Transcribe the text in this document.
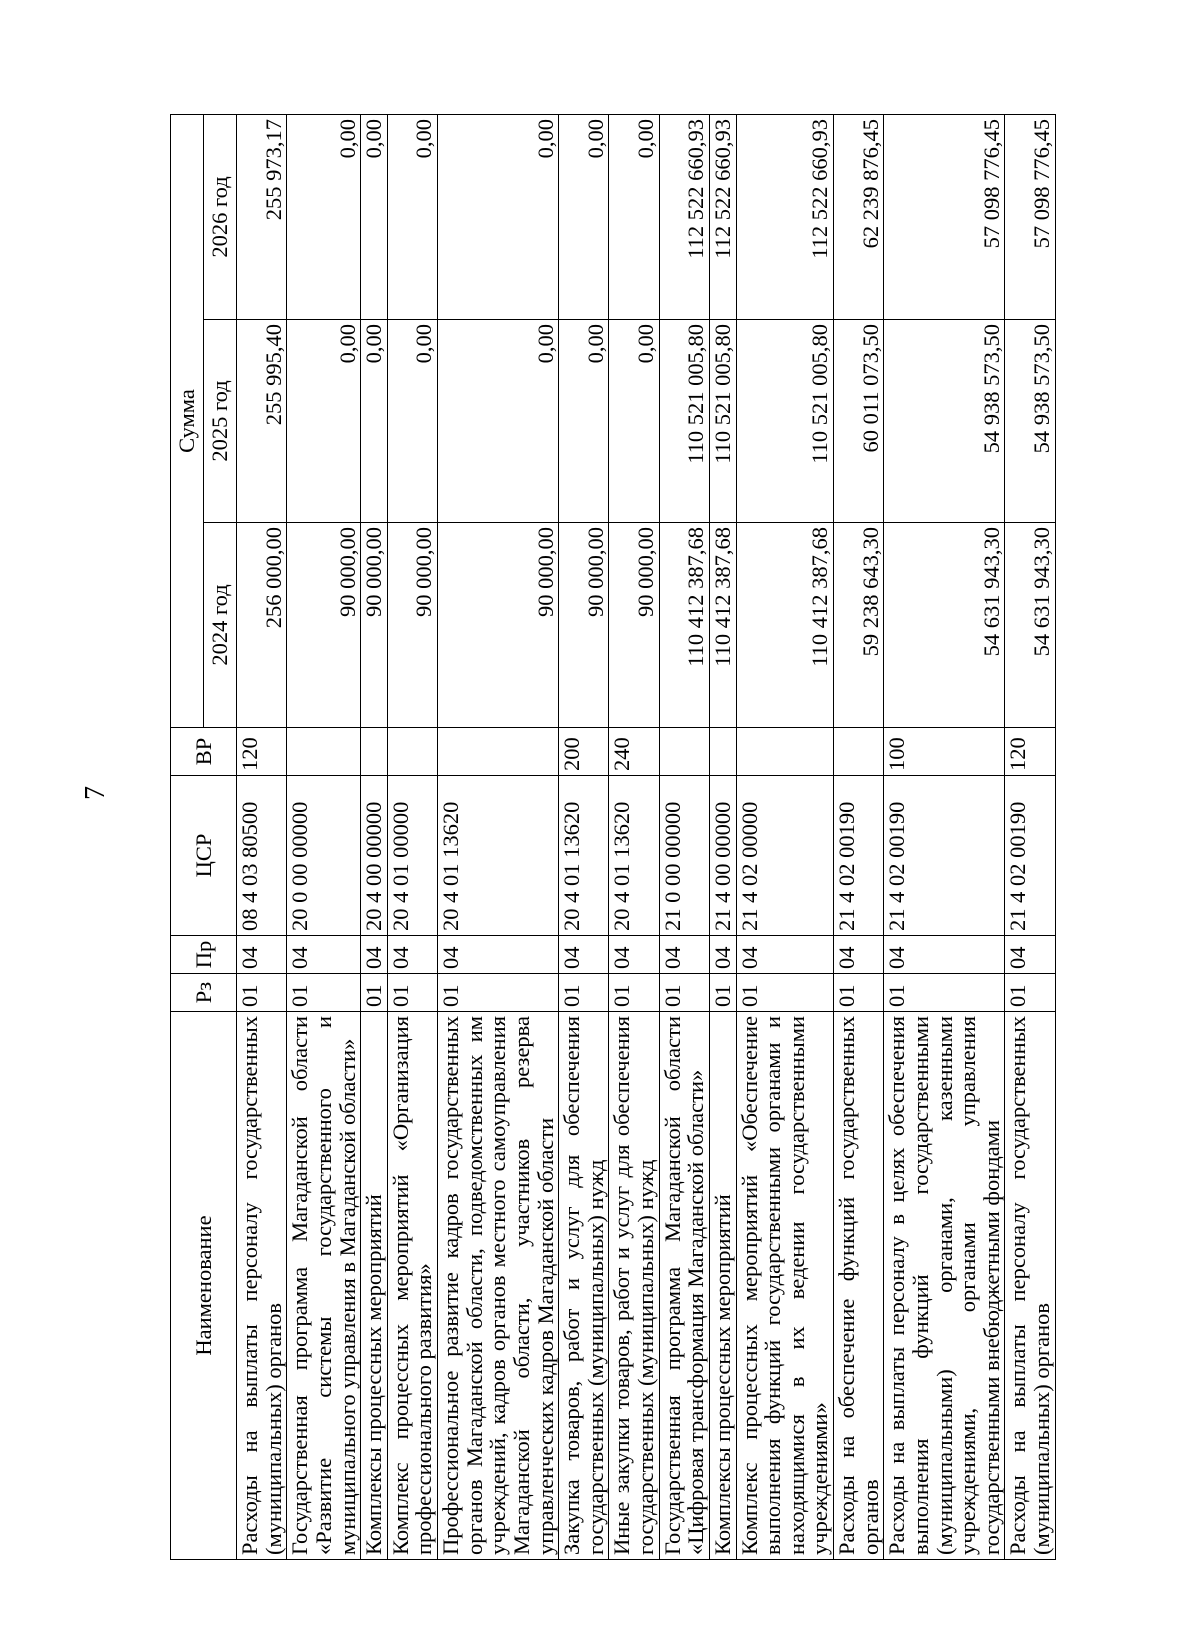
7
Наименование	Рз	Пр	ЦСР	ВР	Сумма		
					2024 год	2025 год	2026 год
Расходы на выплаты персоналу государственных (муниципальных) органов	01	04	08 4 03 80500	120	256 000,00	255 995,40	255 973,17
Государственная программа Магаданской области «Развитие системы государственного и муниципального управления в Магаданской области»	01	04	20 0 00 00000		90 000,00	0,00	0,00
Комплексы процессных мероприятий	01	04	20 4 00 00000		90 000,00	0,00	0,00
Комплекс процессных мероприятий «Организация профессионального развития»	01	04	20 4 01 00000		90 000,00	0,00	0,00
Профессиональное развитие кадров государственных органов Магаданской области, подведомственных им учреждений, кадров органов местного самоуправления Магаданской области, участников резерва управленческих кадров Магаданской области	01	04	20 4 01 13620		90 000,00	0,00	0,00
Закупка товаров, работ и услуг для обеспечения государственных (муниципальных) нужд	01	04	20 4 01 13620	200	90 000,00	0,00	0,00
Иные закупки товаров, работ и услуг для обеспечения государственных (муниципальных) нужд	01	04	20 4 01 13620	240	90 000,00	0,00	0,00
Государственная программа Магаданской области «Цифровая трансформация Магаданской области»	01	04	21 0 00 00000		110 412 387,68	110 521 005,80	112 522 660,93
Комплексы процессных мероприятий	01	04	21 4 00 00000		110 412 387,68	110 521 005,80	112 522 660,93
Комплекс процессных мероприятий «Обеспечение выполнения функций государственными органами и находящимися в их ведении государственными учреждениями»	01	04	21 4 02 00000		110 412 387,68	110 521 005,80	112 522 660,93
Расходы на обеспечение функций государственных органов	01	04	21 4 02 00190		59 238 643,30	60 011 073,50	62 239 876,45
Расходы на выплаты персоналу в целях обеспечения выполнения функций государственными (муниципальными) органами, казенными учреждениями, органами управления государственными внебюджетными фондами	01	04	21 4 02 00190	100	54 631 943,30	54 938 573,50	57 098 776,45
Расходы на выплаты персоналу государственных (муниципальных) органов	01	04	21 4 02 00190	120	54 631 943,30	54 938 573,50	57 098 776,45
